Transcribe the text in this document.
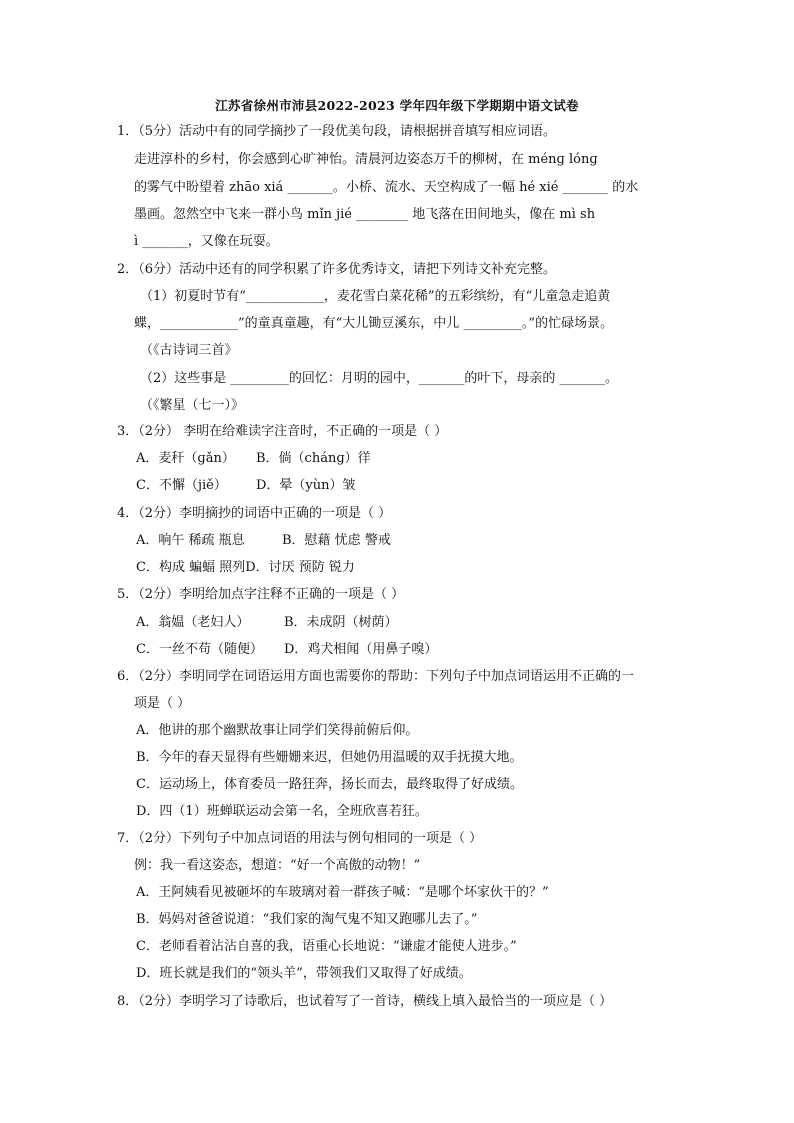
江苏省徐州市沛县2022-2023 学年四年级下学期期中语文试卷
1．（5分）活动中有的同学摘抄了一段优美句段，请根据拼音填写相应词语。
走进淳朴的乡村，你会感到心旷神怡。清晨河边姿态万千的柳树，在 ménɡ lónɡ
的雾气中盼望着 zhāo xiá _______。小桥、流水、天空构成了一幅 hé xié _______ 的水
墨画。忽然空中飞来一群小鸟 mǐn jié ________ 地飞落在田间地头，像在 mì sh
ì _______，又像在玩耍。
2．（6分）活动中还有的同学积累了许多优秀诗文，请把下列诗文补充完整。
（1）初夏时节有“____________，麦花雪白菜花稀”的五彩缤纷，有“儿童急走追黄
蝶，____________”的童真童趣，有“大儿锄豆溪东，中儿 _________。”的忙碌场景。
（《古诗词三首》
（2）这些事是 _________的回忆：月明的园中，_______的叶下，母亲的 _______。
（《繁星（七一）》
3．（2分） 李明在给难读字注音时，不正确的一项是（ ）
A．麦秆（ɡǎn） B．倘（chánɡ）徉
C．不懈（jiě） D．晕（yùn）皱
4．（2分）李明摘抄的词语中正确的一项是（ ）
A．响午 稀疏 瓶息	B．慰藉 忧虑 警戒
C．构成 蝙蝠 照列D．讨厌 预防 锐力
5．（2分）李明给加点字注释不正确的一项是（ ）
A．翁媪（老妇人）	B．未成阴（树荫）
C．一丝不苟（随便） D．鸡犬相闻（用鼻子嗅）
6．（2分）李明同学在词语运用方面也需要你的帮助：下列句子中加点词语运用不正确的一
项是（ ）
A．他讲的那个幽默故事让同学们笑得前俯后仰。
B．今年的春天显得有些姗姗来迟，但她仍用温暖的双手抚摸大地。
C．运动场上，体育委员一路狂奔，扬长而去，最终取得了好成绩。
D．四（1）班蝉联运动会第一名，全班欣喜若狂。
7．（2分）下列句子中加点词语的用法与例句相同的一项是（ ）
例：我一看这姿态，想道：“好一个高傲的动物！”
A．王阿姨看见被砸坏的车玻璃对着一群孩子喊：“是哪个坏家伙干的？”
B．妈妈对爸爸说道：“我们家的淘气鬼不知又跑哪儿去了。”
C．老师看着沾沾自喜的我，语重心长地说：“谦虚才能使人进步。”
D．班长就是我们的“领头羊”，带领我们又取得了好成绩。
8．（2分）李明学习了诗歌后，也试着写了一首诗，横线上填入最恰当的一项应是（ ）
